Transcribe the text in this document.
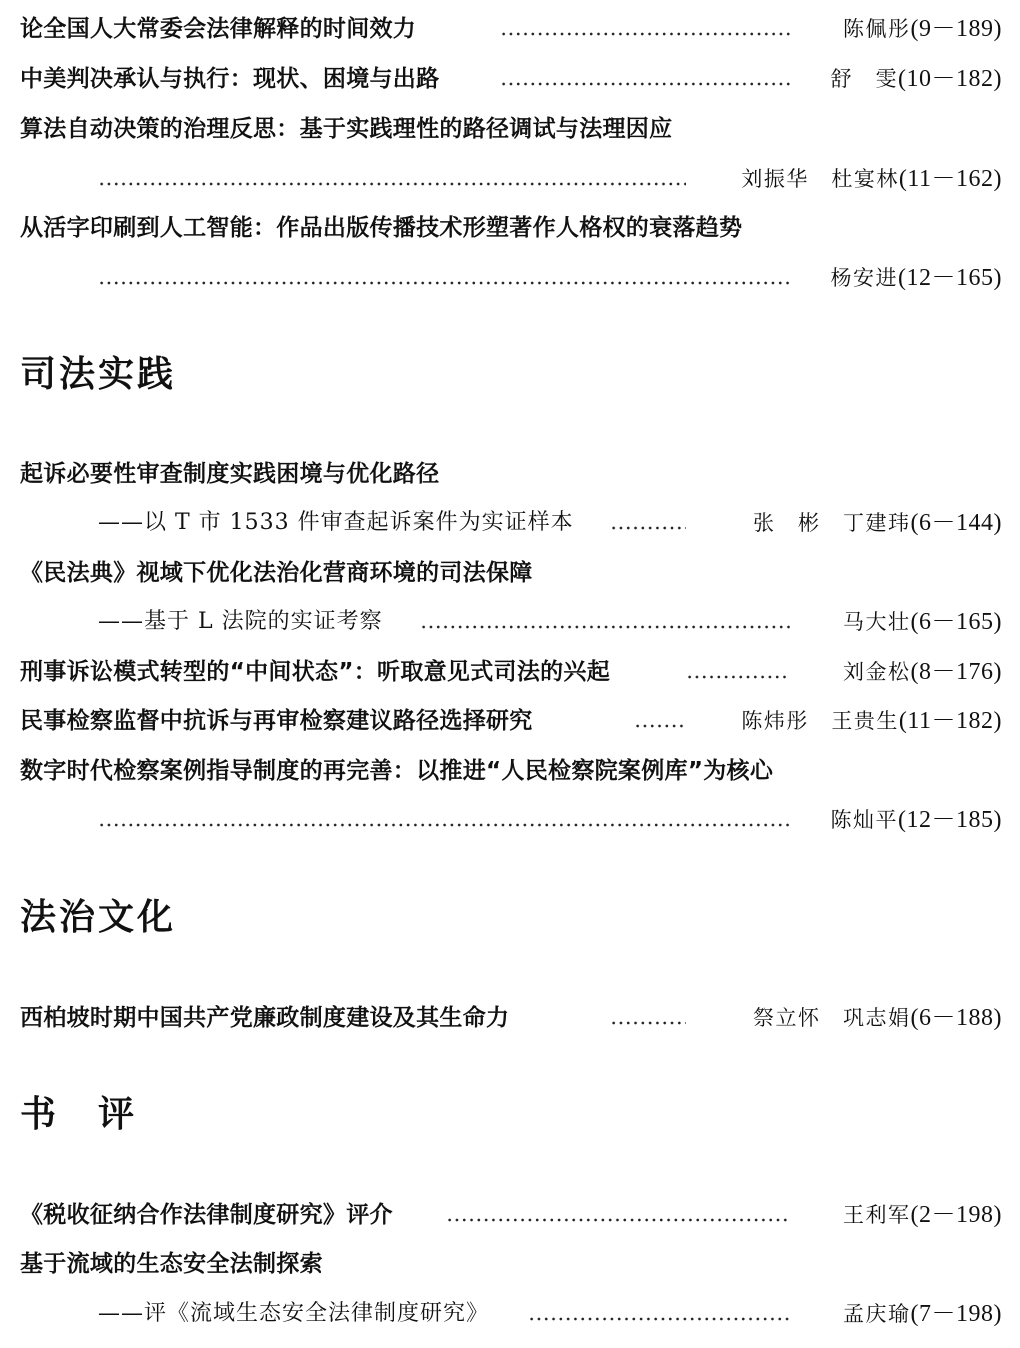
论全国人大常委会法律解释的时间效力	陈佩彤(9－189)
中美判决承认与执行：现状、困境与出路	舒　雯(10－182)
算法自动决策的治理反思：基于实践理性的路径调试与法理因应
刘振华　杜宴林(11－162)
从活字印刷到人工智能：作品出版传播技术形塑著作人格权的衰落趋势
杨安进(12－165)
司法实践
起诉必要性审查制度实践困境与优化路径
——以 T 市 1533 件审查起诉案件为实证样本	张　彬　丁建玮(6－144)
《民法典》视域下优化法治化营商环境的司法保障
——基于 L 法院的实证考察	马大壮(6－165)
刑事诉讼模式转型的“中间状态”：听取意见式司法的兴起	刘金松(8－176)
民事检察监督中抗诉与再审检察建议路径选择研究	陈炜彤　王贵生(11－182)
数字时代检察案例指导制度的再完善：以推进“人民检察院案例库”为核心
陈灿平(12－185)
法治文化
西柏坡时期中国共产党廉政制度建设及其生命力	祭立怀　巩志娟(6－188)
书　评
《税收征纳合作法律制度研究》评介	王利军(2－198)
基于流域的生态安全法制探索
——评《流域生态安全法律制度研究》	孟庆瑜(7－198)
